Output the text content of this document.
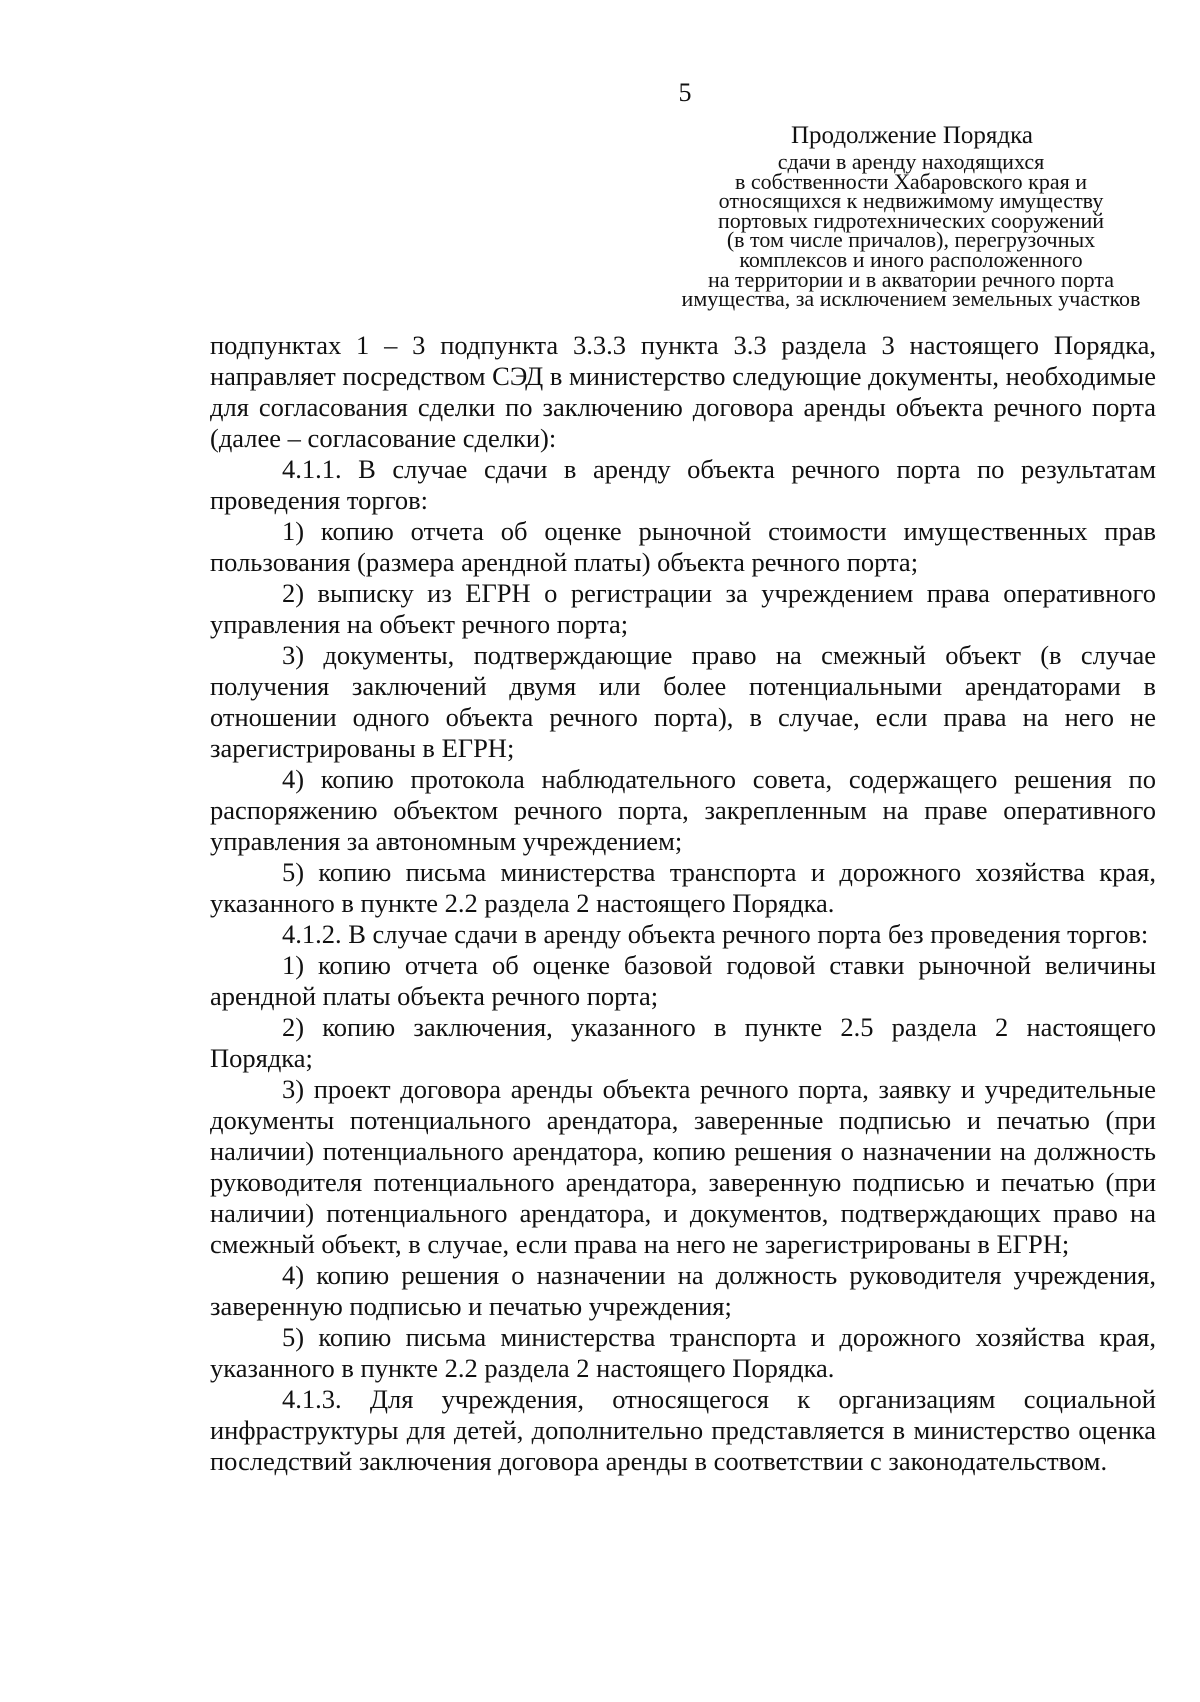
5
Продолжение Порядка
сдачи в аренду находящихся
в собственности Хабаровского края и
относящихся к недвижимому имуществу
портовых гидротехнических сооружений
(в том числе причалов), перегрузочных
комплексов и иного расположенного
на территории и в акватории речного порта
имущества, за исключением земельных участков

подпунктах 1 – 3 подпункта 3.3.3 пункта 3.3 раздела 3 настоящего Порядка, направляет посредством СЭД в министерство следующие документы, необходимые для согласования сделки по заключению договора аренды объекта речного порта (далее – согласование сделки):

4.1.1. В случае сдачи в аренду объекта речного порта по результатам проведения торгов:

1) копию отчета об оценке рыночной стоимости имущественных прав пользования (размера арендной платы) объекта речного порта;

2) выписку из ЕГРН о регистрации за учреждением права оперативного управления на объект речного порта;

3) документы, подтверждающие право на смежный объект (в случае получения заключений двумя или более потенциальными арендаторами в отношении одного объекта речного порта), в случае, если права на него не зарегистрированы в ЕГРН;

4) копию протокола наблюдательного совета, содержащего решения по распоряжению объектом речного порта, закрепленным на праве оперативного управления за автономным учреждением;

5) копию письма министерства транспорта и дорожного хозяйства края, указанного в пункте 2.2 раздела 2 настоящего Порядка.

4.1.2. В случае сдачи в аренду объекта речного порта без проведения торгов:

1) копию отчета об оценке базовой годовой ставки рыночной величины арендной платы объекта речного порта;

2) копию заключения, указанного в пункте 2.5 раздела 2 настоящего Порядка;

3) проект договора аренды объекта речного порта, заявку и учредительные документы потенциального арендатора, заверенные подписью и печатью (при наличии) потенциального арендатора, копию решения о назначении на должность руководителя потенциального арендатора, заверенную подписью и печатью (при наличии) потенциального арендатора, и документов, подтверждающих право на смежный объект, в случае, если права на него не зарегистрированы в ЕГРН;

4) копию решения о назначении на должность руководителя учреждения, заверенную подписью и печатью учреждения;

5) копию письма министерства транспорта и дорожного хозяйства края, указанного в пункте 2.2 раздела 2 настоящего Порядка.

4.1.3. Для учреждения, относящегося к организациям социальной инфраструктуры для детей, дополнительно представляется в министерство оценка последствий заключения договора аренды в соответствии с законодательством.
